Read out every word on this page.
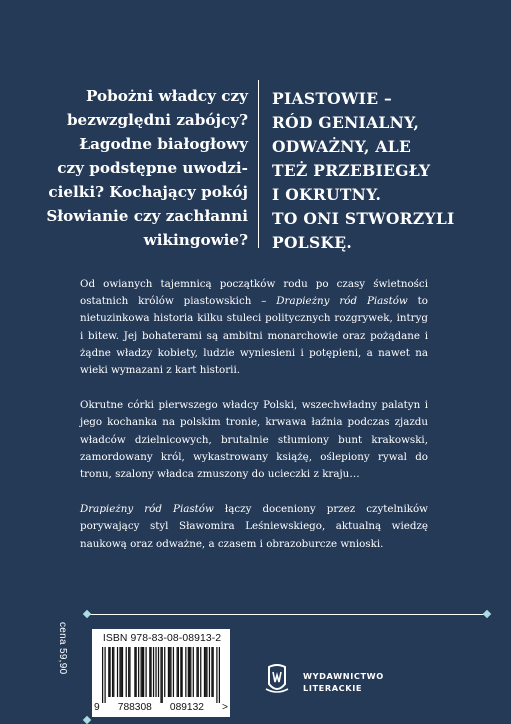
Pobożni władcy czy
bezwzględni zabójcy?
Łagodne białogłowy
czy podstępne uwodzi-
cielki? Kochający pokój
Słowianie czy zachłanni
wikingowie?
PIASTOWIE –
RÓD GENIALNY,
ODWAŻNY, ALE
TEŻ PRZEBIEGŁY
I OKRUTNY.
TO ONI STWORZYLI
POLSKĘ.

Od owianych tajemnicą początków rodu po czasy świetności ostatnich królów piastowskich – Drapieżny ród Piastów to nietuzinkowa historia kilku stuleci politycznych rozgrywek, intryg i bitew. Jej bohaterami są ambitni monarchowie oraz pożądane i żądne władzy kobiety, ludzie wyniesieni i potępieni, a nawet na wieki wymazani z kart historii.

Okrutne córki pierwszego władcy Polski, wszechwładny palatyn i jego kochanka na polskim tronie, krwawa łaźnia podczas zjazdu władców dzielnicowych, brutalnie stłumiony bunt krakowski, zamordowany król, wykastrowany książę, oślepiony rywal do tronu, szalony władca zmuszony do ucieczki z kraju…

Drapieżny ród Piastów łączy doceniony przez czytelników porywający styl Sławomira Leśniewskiego, aktualną wiedzę naukową oraz odważne, a czasem i obrazoburcze wnioski.

cena 59,90	ISBN 978-83-08-08913-2
9 788308 089132 >
WYDAWNICTWO
LITERACKIE
